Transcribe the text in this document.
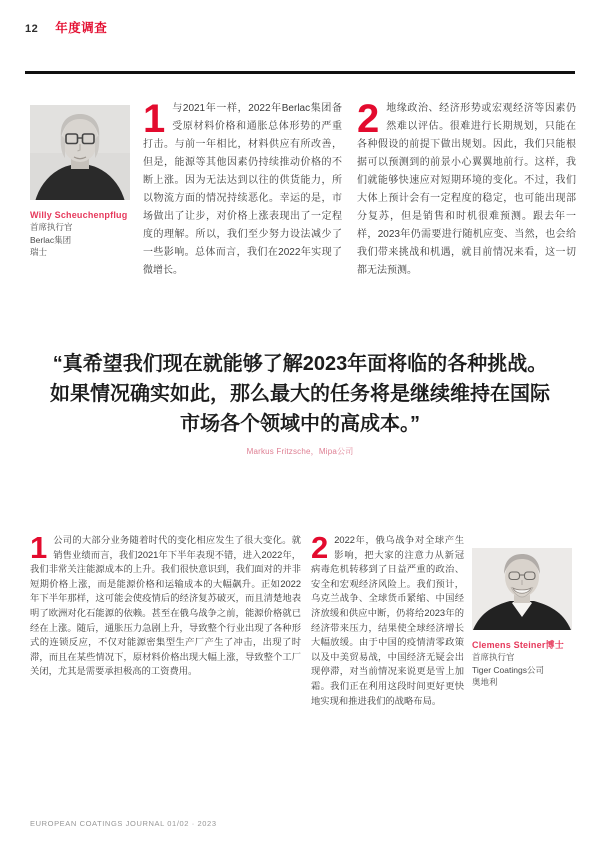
12 年度调查
Willy Scheuchenpflug
首席执行官
Berlac集团
瑞士

1 与2021年一样，2022年Berlac集团备受原材料价格和通胀总体形势的严重打击。与前一年相比，材料供应有所改善，但是，能源等其他因素仍持续推动价格的不断上涨。因为无法达到以往的供货能力，所以物流方面的情况持续恶化。幸运的是，市场做出了让步，对价格上涨表现出了一定程度的理解。所以，我们至少努力设法减少了一些影响。总体而言，我们在2022年实现了微增长。

2 地缘政治、经济形势或宏观经济等因素仍然难以评估。很难进行长期规划，只能在各种假设的前提下做出规划。因此，我们只能根据可以预测到的前景小心翼翼地前行。这样，我们就能够快速应对短期环境的变化。不过，我们大体上预计会有一定程度的稳定，也可能出现部分复苏，但是销售和时机很难预测。跟去年一样，2023年仍需要进行随机应变、当然，也会给我们带来挑战和机遇，就目前情况来看，这一切都无法预测。

“真希望我们现在就能够了解2023年面将临的各种挑战。
如果情况确实如此，那么最大的任务将是继续维持在国际
市场各个领域中的高成本。”
Markus Fritzsche，Mipa公司

1 公司的大部分业务随着时代的变化相应发生了很大变化。就销售业绩而言，我们2021年下半年表现不错，进入2022年，我们非常关注能源成本的上升。我们很快意识到，我们面对的并非短期价格上涨，而是能源价格和运输成本的大幅飙升。正如2022年下半年那样，这可能会使疫情后的经济复苏破灭，而且清楚地表明了欧洲对化石能源的依赖。甚至在俄乌战争之前，能源价格就已经在上涨。随后，通胀压力急剧上升，导致整个行业出现了各种形式的连锁反应，不仅对能源密集型生产厂产生了冲击，出现了时滞，而且在某些情况下，原材料价格出现大幅上涨，导致整个工厂关闭，尤其是需要承担极高的工资费用。

2 2022年，俄乌战争对全球产生影响，把大家的注意力从新冠病毒危机转移到了日益严重的政治、安全和宏观经济风险上。我们预计，乌克兰战争、全球货币紧缩、中国经济放缓和供应中断，仍将给2023年的经济带来压力，结果使全球经济增长大幅放缓。由于中国的疫情清零政策以及中美贸易战，中国经济无疑会出现停滞，对当前情况来说更是雪上加霜。我们正在利用这段时间更好更快地实现和推进我们的战略布局。

Clemens Steiner博士
首席执行官
Tiger Coatings公司
奥地利
EUROPEAN COATINGS JOURNAL 01/02 · 2023
